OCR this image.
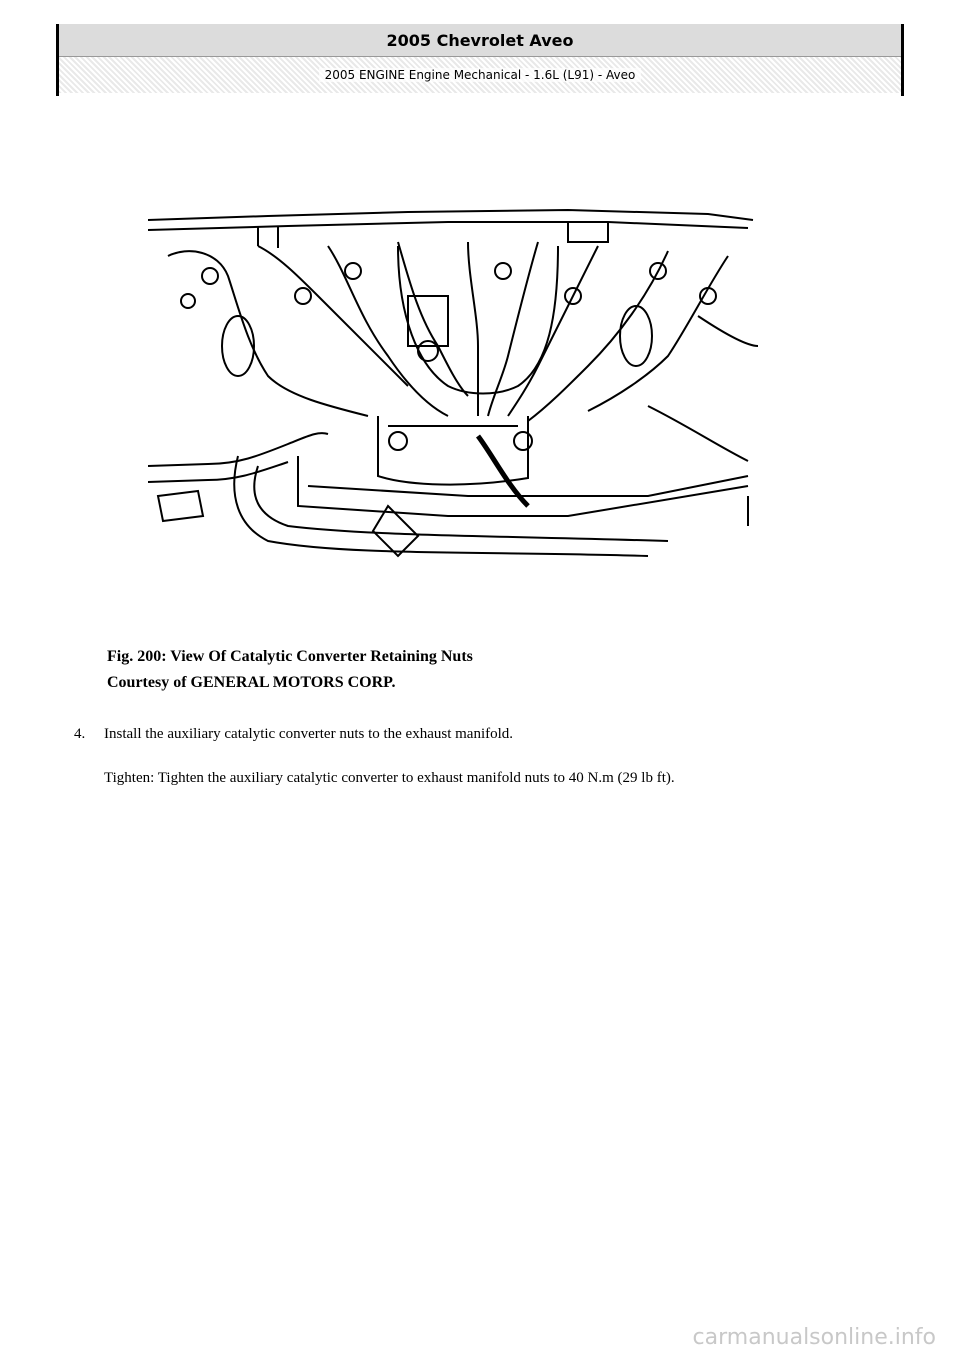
2005 Chevrolet Aveo
2005 ENGINE Engine Mechanical - 1.6L (L91) - Aveo
Fig. 200: View Of Catalytic Converter Retaining Nuts
Courtesy of GENERAL MOTORS CORP.
4. Install the auxiliary catalytic converter nuts to the exhaust manifold.
Tighten: Tighten the auxiliary catalytic converter to exhaust manifold nuts to 40 N.m (29 lb ft).
carmanualsonline.info
